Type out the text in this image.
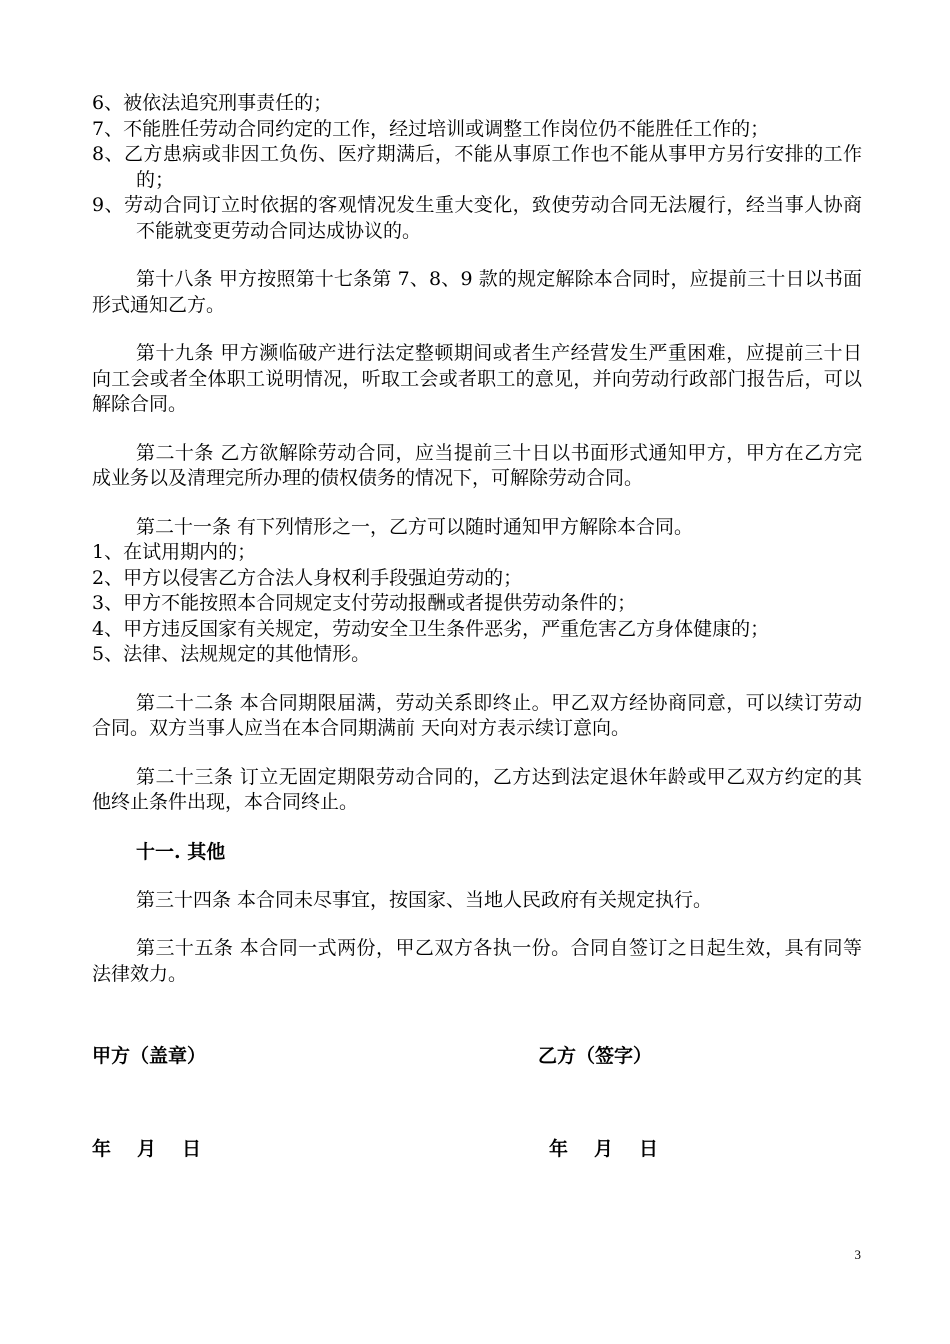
6、被依法追究刑事责任的；
7、不能胜任劳动合同约定的工作，经过培训或调整工作岗位仍不能胜任工作的；
8、乙方患病或非因工负伤、医疗期满后，不能从事原工作也不能从事甲方另行安排的工作的；
9、劳动合同订立时依据的客观情况发生重大变化，致使劳动合同无法履行，经当事人协商不能就变更劳动合同达成协议的。

第十八条 甲方按照第十七条第 7、8、9 款的规定解除本合同时，应提前三十日以书面形式通知乙方。

第十九条 甲方濒临破产进行法定整顿期间或者生产经营发生严重困难，应提前三十日向工会或者全体职工说明情况，听取工会或者职工的意见，并向劳动行政部门报告后，可以解除合同。

第二十条 乙方欲解除劳动合同，应当提前三十日以书面形式通知甲方，甲方在乙方完成业务以及清理完所办理的债权债务的情况下，可解除劳动合同。

第二十一条 有下列情形之一，乙方可以随时通知甲方解除本合同。
1、在试用期内的；
2、甲方以侵害乙方合法人身权利手段强迫劳动的；
3、甲方不能按照本合同规定支付劳动报酬或者提供劳动条件的；
4、甲方违反国家有关规定，劳动安全卫生条件恶劣，严重危害乙方身体健康的；
5、法律、法规规定的其他情形。

第二十二条 本合同期限届满，劳动关系即终止。甲乙双方经协商同意，可以续订劳动合同。双方当事人应当在本合同期满前 天向对方表示续订意向。

第二十三条 订立无固定期限劳动合同的，乙方达到法定退休年龄或甲乙双方约定的其他终止条件出现，本合同终止。

十一. 其他

第三十四条 本合同未尽事宜，按国家、当地人民政府有关规定执行。

第三十五条 本合同一式两份，甲乙双方各执一份。合同自签订之日起生效，具有同等法律效力。

甲方（盖章）	乙方（签字）
年 月 日	年 月 日
3
